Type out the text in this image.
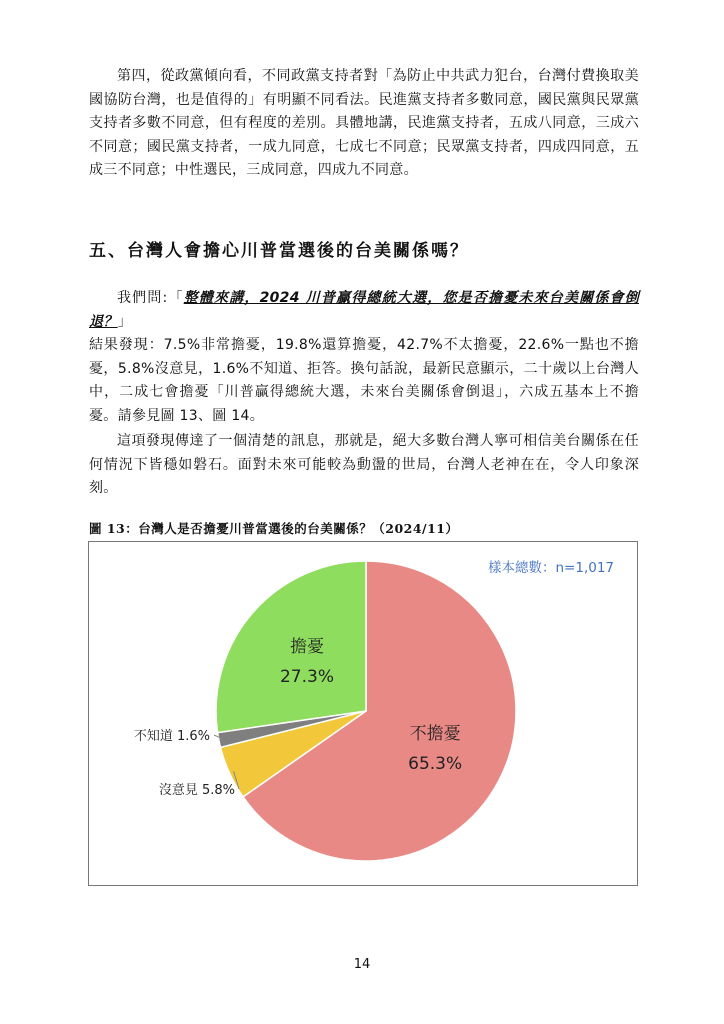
第四，從政黨傾向看，不同政黨支持者對「為防止中共武力犯台，台灣付費換取美國協防台灣，也是值得的」有明顯不同看法。民進黨支持者多數同意，國民黨與民眾黨支持者多數不同意，但有程度的差別。具體地講，民進黨支持者，五成八同意，三成六不同意；國民黨支持者，一成九同意，七成七不同意；民眾黨支持者，四成四同意，五成三不同意；中性選民，三成同意，四成九不同意。

五、台灣人會擔心川普當選後的台美關係嗎？

我們問:「整體來講，2024 川普贏得總統大選，您是否擔憂未來台美關係會倒退？」
結果發現：7.5%非常擔憂，19.8%還算擔憂，42.7%不太擔憂，22.6%一點也不擔憂，5.8%沒意見，1.6%不知道、拒答。換句話說，最新民意顯示，二十歲以上台灣人中，二成七會擔憂「川普贏得總統大選，未來台美關係會倒退」，六成五基本上不擔憂。請參見圖 13、圖 14。

這項發現傳達了一個清楚的訊息，那就是，絕大多數台灣人寧可相信美台關係在任何情況下皆穩如磐石。面對未來可能較為動盪的世局，台灣人老神在在，令人印象深刻。

圖 13：台灣人是否擔憂川普當選後的台美關係？（2024/11）

不擔憂
65.3%
擔憂
27.3%
沒意見 5.8%
不知道 1.6%
樣本總數：n=1,017
14
